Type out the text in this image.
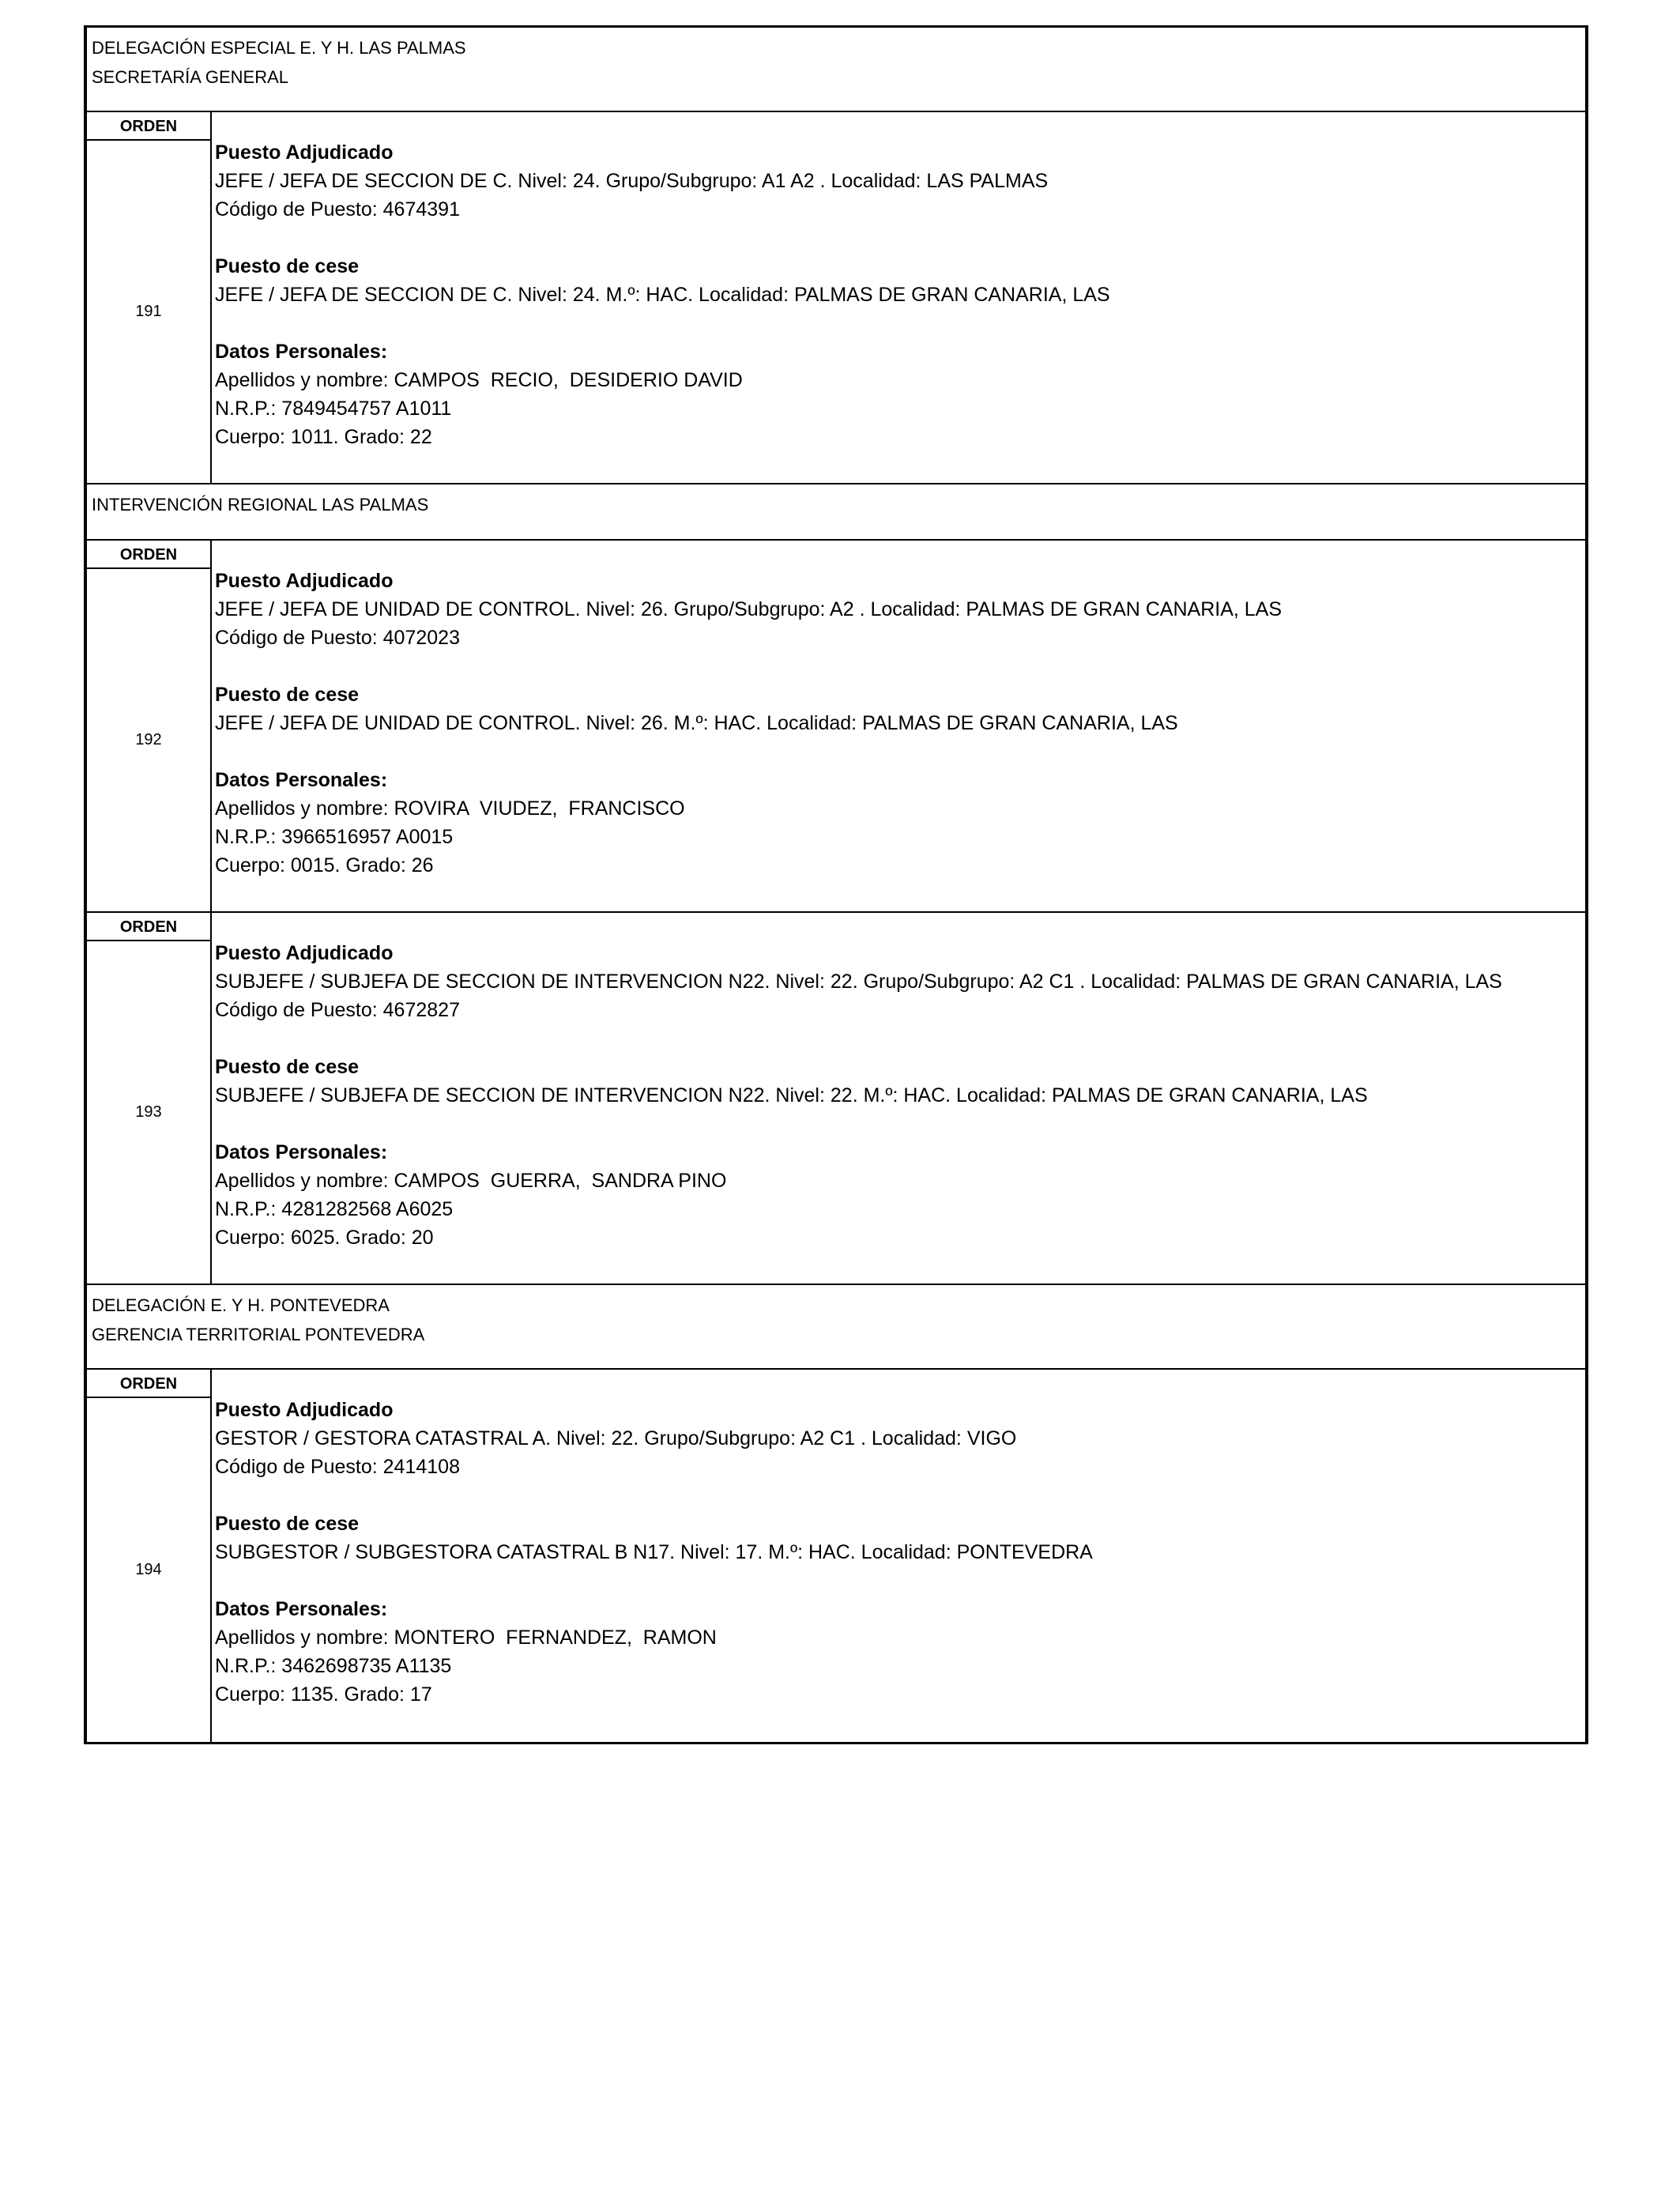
DELEGACIÓN ESPECIAL E. Y H. LAS PALMAS
SECRETARÍA GENERAL
ORDEN
191
Puesto Adjudicado
JEFE / JEFA DE SECCION DE C. Nivel: 24. Grupo/Subgrupo: A1 A2 . Localidad: LAS PALMAS
Código de Puesto: 4674391
Puesto de cese
JEFE / JEFA DE SECCION DE C. Nivel: 24. M.º: HAC. Localidad: PALMAS DE GRAN CANARIA, LAS
Datos Personales:
Apellidos y nombre: CAMPOS  RECIO,  DESIDERIO DAVID
N.R.P.: 7849454757 A1011
Cuerpo: 1011. Grado: 22
INTERVENCIÓN REGIONAL LAS PALMAS
ORDEN
192
Puesto Adjudicado
JEFE / JEFA DE UNIDAD DE CONTROL. Nivel: 26. Grupo/Subgrupo: A2 . Localidad: PALMAS DE GRAN CANARIA, LAS
Código de Puesto: 4072023
Puesto de cese
JEFE / JEFA DE UNIDAD DE CONTROL. Nivel: 26. M.º: HAC. Localidad: PALMAS DE GRAN CANARIA, LAS
Datos Personales:
Apellidos y nombre: ROVIRA  VIUDEZ,  FRANCISCO
N.R.P.: 3966516957 A0015
Cuerpo: 0015. Grado: 26
ORDEN
193
Puesto Adjudicado
SUBJEFE / SUBJEFA DE SECCION DE INTERVENCION N22. Nivel: 22. Grupo/Subgrupo: A2 C1 . Localidad: PALMAS DE GRAN CANARIA, LAS
Código de Puesto: 4672827
Puesto de cese
SUBJEFE / SUBJEFA DE SECCION DE INTERVENCION N22. Nivel: 22. M.º: HAC. Localidad: PALMAS DE GRAN CANARIA, LAS
Datos Personales:
Apellidos y nombre: CAMPOS  GUERRA,  SANDRA PINO
N.R.P.: 4281282568 A6025
Cuerpo: 6025. Grado: 20
DELEGACIÓN E. Y H. PONTEVEDRA
GERENCIA TERRITORIAL PONTEVEDRA
ORDEN
194
Puesto Adjudicado
GESTOR / GESTORA CATASTRAL A. Nivel: 22. Grupo/Subgrupo: A2 C1 . Localidad: VIGO
Código de Puesto: 2414108
Puesto de cese
SUBGESTOR / SUBGESTORA CATASTRAL B N17. Nivel: 17. M.º: HAC. Localidad: PONTEVEDRA
Datos Personales:
Apellidos y nombre: MONTERO  FERNANDEZ,  RAMON
N.R.P.: 3462698735 A1135
Cuerpo: 1135. Grado: 17
